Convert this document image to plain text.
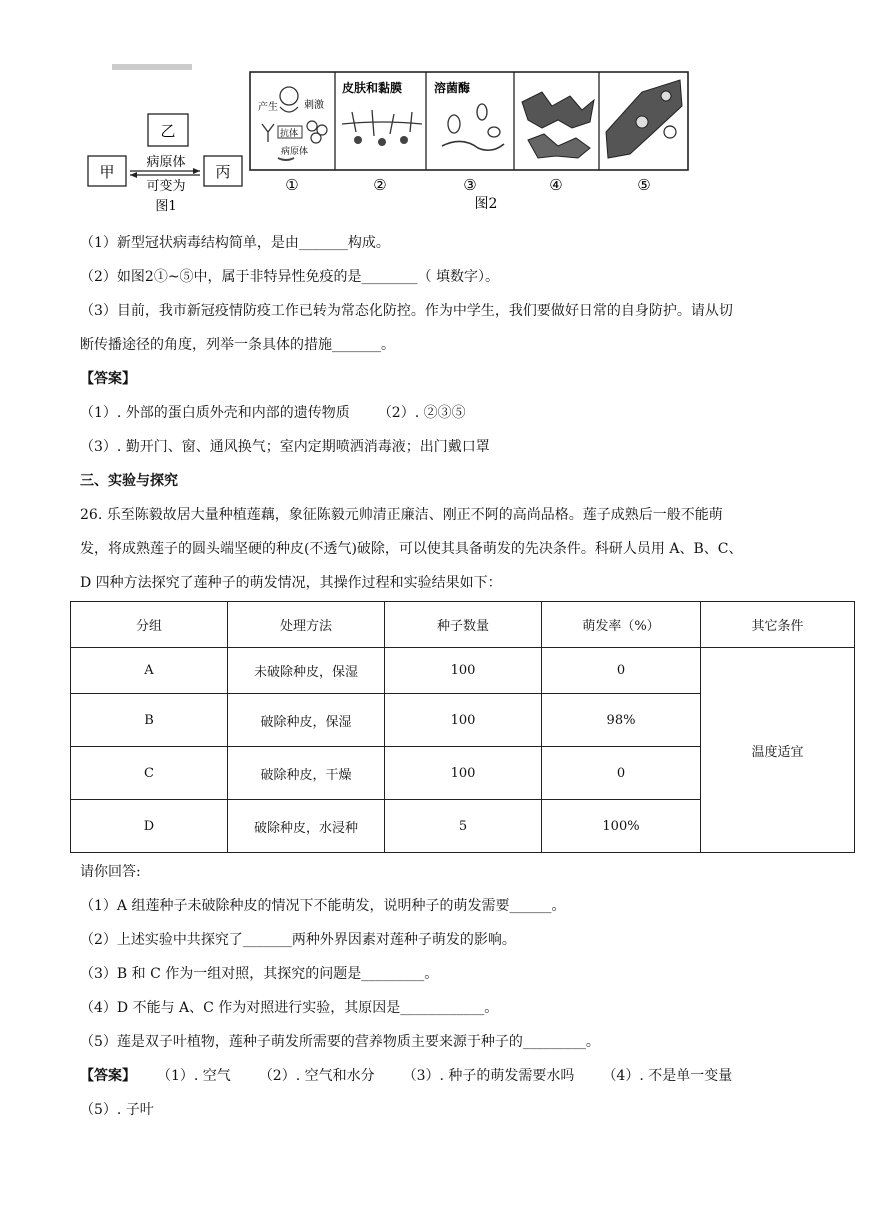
甲
乙
丙
病原体
可变为
图1
产生	刺激
抗体
病原体
皮肤和黏膜	溶菌酶
①	②	③	④	⑤
图2
（1）新型冠状病毒结构简单，是由_______构成。
（2）如图2①~⑤中，属于非特异性免疫的是________（ 填数字）。
（3）目前，我市新冠疫情防疫工作已转为常态化防控。作为中学生，我们要做好日常的自身防护。请从切
断传播途径的角度，列举一条具体的措施_______。
【答案】
（1）. 外部的蛋白质外壳和内部的遗传物质 （2）. ②③⑤
（3）. 勤开门、窗、通风换气；室内定期喷洒消毒液；出门戴口罩
三、实验与探究
26. 乐至陈毅故居大量种植莲藕，象征陈毅元帅清正廉洁、刚正不阿的高尚品格。莲子成熟后一般不能萌
发，将成熟莲子的圆头端坚硬的种皮(不透气)破除，可以使其具备萌发的先决条件。科研人员用 A、B、C、
D 四种方法探究了莲种子的萌发情况，其操作过程和实验结果如下：
分组	处理方法	种子数量	萌发率（%）	其它条件
A	未破除种皮，保湿	100	0	温度适宜
B	破除种皮，保湿	100	98%	
C	破除种皮，干燥	100	0	
D	破除种皮，水浸种	5	100%	
请你回答:
（1）A 组莲种子未破除种皮的情况下不能萌发，说明种子的萌发需要______。
（2）上述实验中共探究了_______两种外界因素对莲种子萌发的影响。
（3）B 和 C 作为一组对照，其探究的问题是_________。
（4）D 不能与 A、C 作为对照进行实验，其原因是____________。
（5）莲是双子叶植物，莲种子萌发所需要的营养物质主要来源于种子的_________。
【答案】 （1）. 空气 （2）. 空气和水分 （3）. 种子的萌发需要水吗 （4）. 不是单一变量
（5）. 子叶
